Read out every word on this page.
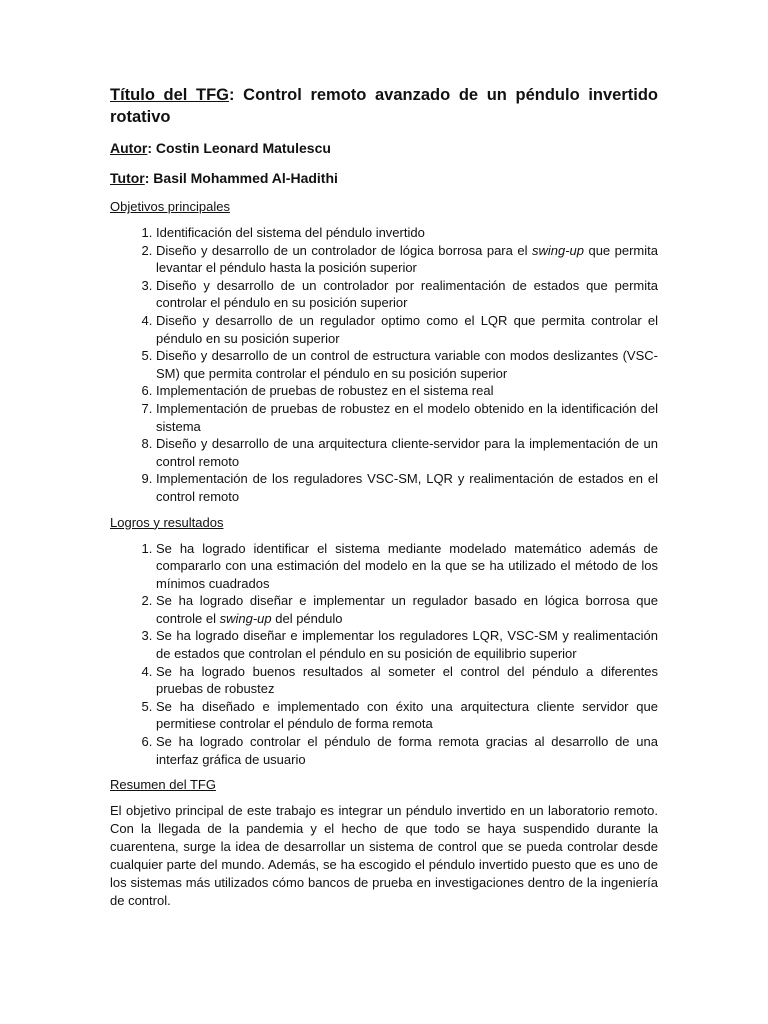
Título del TFG: Control remoto avanzado de un péndulo invertido rotativo
Autor: Costin Leonard Matulescu
Tutor: Basil Mohammed Al-Hadithi
Objetivos principales
1. Identificación del sistema del péndulo invertido
2. Diseño y desarrollo de un controlador de lógica borrosa para el swing-up que permita levantar el péndulo hasta la posición superior
3. Diseño y desarrollo de un controlador por realimentación de estados que permita controlar el péndulo en su posición superior
4. Diseño y desarrollo de un regulador optimo como el LQR que permita controlar el péndulo en su posición superior
5. Diseño y desarrollo de un control de estructura variable con modos deslizantes (VSC-SM) que permita controlar el péndulo en su posición superior
6. Implementación de pruebas de robustez en el sistema real
7. Implementación de pruebas de robustez en el modelo obtenido en la identificación del sistema
8. Diseño y desarrollo de una arquitectura cliente-servidor para la implementación de un control remoto
9. Implementación de los reguladores VSC-SM, LQR y realimentación de estados en el control remoto
Logros y resultados
1. Se ha logrado identificar el sistema mediante modelado matemático además de compararlo con una estimación del modelo en la que se ha utilizado el método de los mínimos cuadrados
2. Se ha logrado diseñar e implementar un regulador basado en lógica borrosa que controle el swing-up del péndulo
3. Se ha logrado diseñar e implementar los reguladores LQR, VSC-SM y realimentación de estados que controlan el péndulo en su posición de equilibrio superior
4. Se ha logrado buenos resultados al someter el control del péndulo a diferentes pruebas de robustez
5. Se ha diseñado e implementado con éxito una arquitectura cliente servidor que permitiese controlar el péndulo de forma remota
6. Se ha logrado controlar el péndulo de forma remota gracias al desarrollo de una interfaz gráfica de usuario
Resumen del TFG
El objetivo principal de este trabajo es integrar un péndulo invertido en un laboratorio remoto. Con la llegada de la pandemia y el hecho de que todo se haya suspendido durante la cuarentena, surge la idea de desarrollar un sistema de control que se pueda controlar desde cualquier parte del mundo. Además, se ha escogido el péndulo invertido puesto que es uno de los sistemas más utilizados cómo bancos de prueba en investigaciones dentro de la ingeniería de control.
